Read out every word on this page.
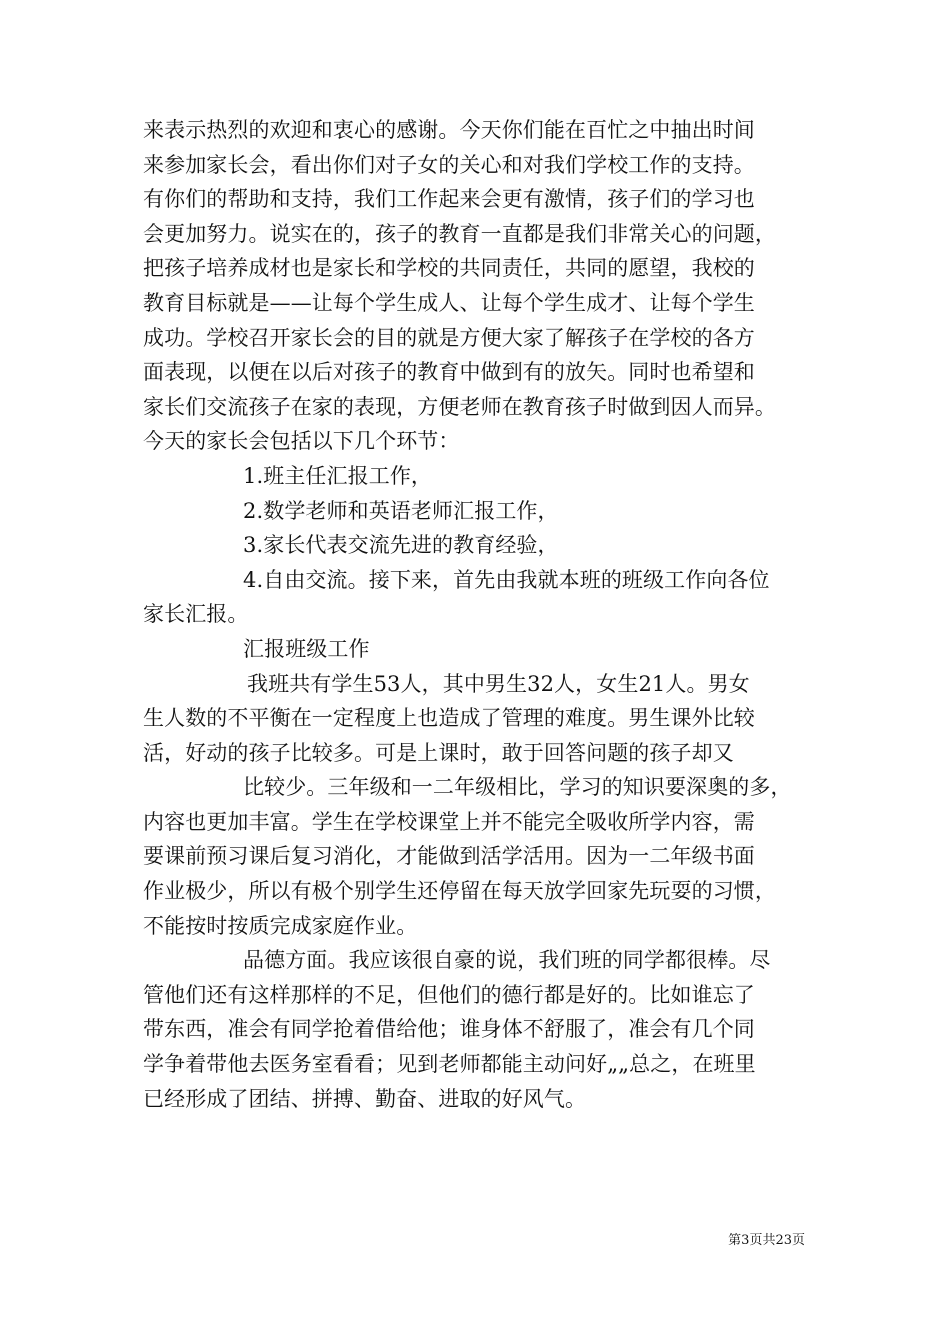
来表示热烈的欢迎和衷心的感谢。今天你们能在百忙之中抽出时间
来参加家长会，看出你们对子女的关心和对我们学校工作的支持。
有你们的帮助和支持，我们工作起来会更有激情，孩子们的学习也
会更加努力。说实在的，孩子的教育一直都是我们非常关心的问题，
把孩子培养成材也是家长和学校的共同责任，共同的愿望，我校的
教育目标就是——让每个学生成人、让每个学生成才、让每个学生
成功。学校召开家长会的目的就是方便大家了解孩子在学校的各方
面表现，以便在以后对孩子的教育中做到有的放矢。同时也希望和
家长们交流孩子在家的表现，方便老师在教育孩子时做到因人而异。
今天的家长会包括以下几个环节：
1.班主任汇报工作，
2.数学老师和英语老师汇报工作，
3.家长代表交流先进的教育经验，
4.自由交流。接下来，首先由我就本班的班级工作向各位
家长汇报。
汇报班级工作
我班共有学生53人，其中男生32人，女生21人。男女
生人数的不平衡在一定程度上也造成了管理的难度。男生课外比较
活，好动的孩子比较多。可是上课时，敢于回答问题的孩子却又
比较少。三年级和一二年级相比，学习的知识要深奥的多，
内容也更加丰富。学生在学校课堂上并不能完全吸收所学内容，需
要课前预习课后复习消化，才能做到活学活用。因为一二年级书面
作业极少，所以有极个别学生还停留在每天放学回家先玩耍的习惯，
不能按时按质完成家庭作业。
品德方面。我应该很自豪的说，我们班的同学都很棒。尽
管他们还有这样那样的不足，但他们的德行都是好的。比如谁忘了
带东西，准会有同学抢着借给他；谁身体不舒服了，准会有几个同
学争着带他去医务室看看；见到老师都能主动问好„„总之，在班里
已经形成了团结、拼搏、勤奋、进取的好风气。
第3页共23页
